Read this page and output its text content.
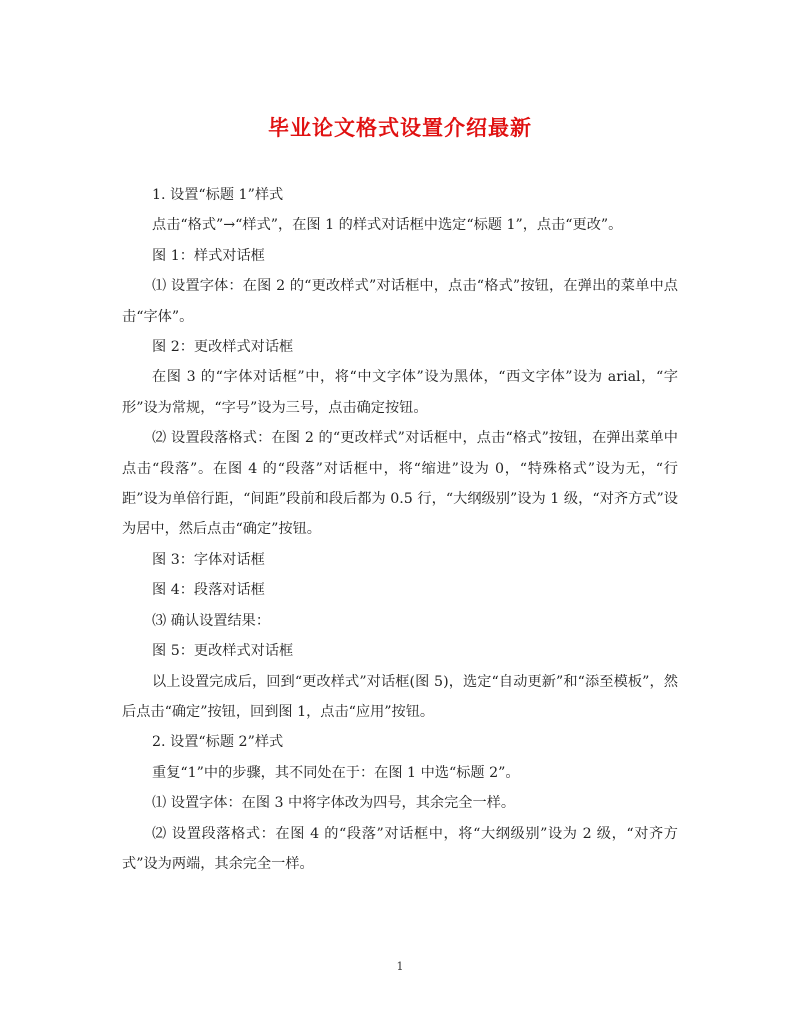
毕业论文格式设置介绍最新

1. 设置“标题 1”样式

点击“格式”→“样式”，在图 1 的样式对话框中选定“标题 1”，点击“更改”。

图 1：样式对话框

⑴ 设置字体：在图 2 的“更改样式”对话框中，点击“格式”按钮，在弹出的菜单中点击“字体”。

图 2：更改样式对话框

在图 3 的“字体对话框”中，将“中文字体”设为黑体，“西文字体”设为 arial，“字形”设为常规，“字号”设为三号，点击确定按钮。

⑵ 设置段落格式：在图 2 的“更改样式”对话框中，点击“格式”按钮，在弹出菜单中点击“段落”。在图 4 的“段落”对话框中，将“缩进”设为 0，“特殊格式”设为无，“行距”设为单倍行距，“间距”段前和段后都为 0.5 行，“大纲级别”设为 1 级，“对齐方式”设为居中，然后点击“确定”按钮。

图 3：字体对话框

图 4：段落对话框

⑶ 确认设置结果：

图 5：更改样式对话框

以上设置完成后，回到“更改样式”对话框(图 5)，选定“自动更新”和“添至模板”，然后点击“确定”按钮，回到图 1，点击“应用”按钮。

2. 设置“标题 2”样式

重复“1”中的步骤，其不同处在于：在图 1 中选“标题 2”。

⑴ 设置字体：在图 3 中将字体改为四号，其余完全一样。

⑵ 设置段落格式：在图 4 的“段落”对话框中，将“大纲级别”设为 2 级，“对齐方式”设为两端，其余完全一样。

1
